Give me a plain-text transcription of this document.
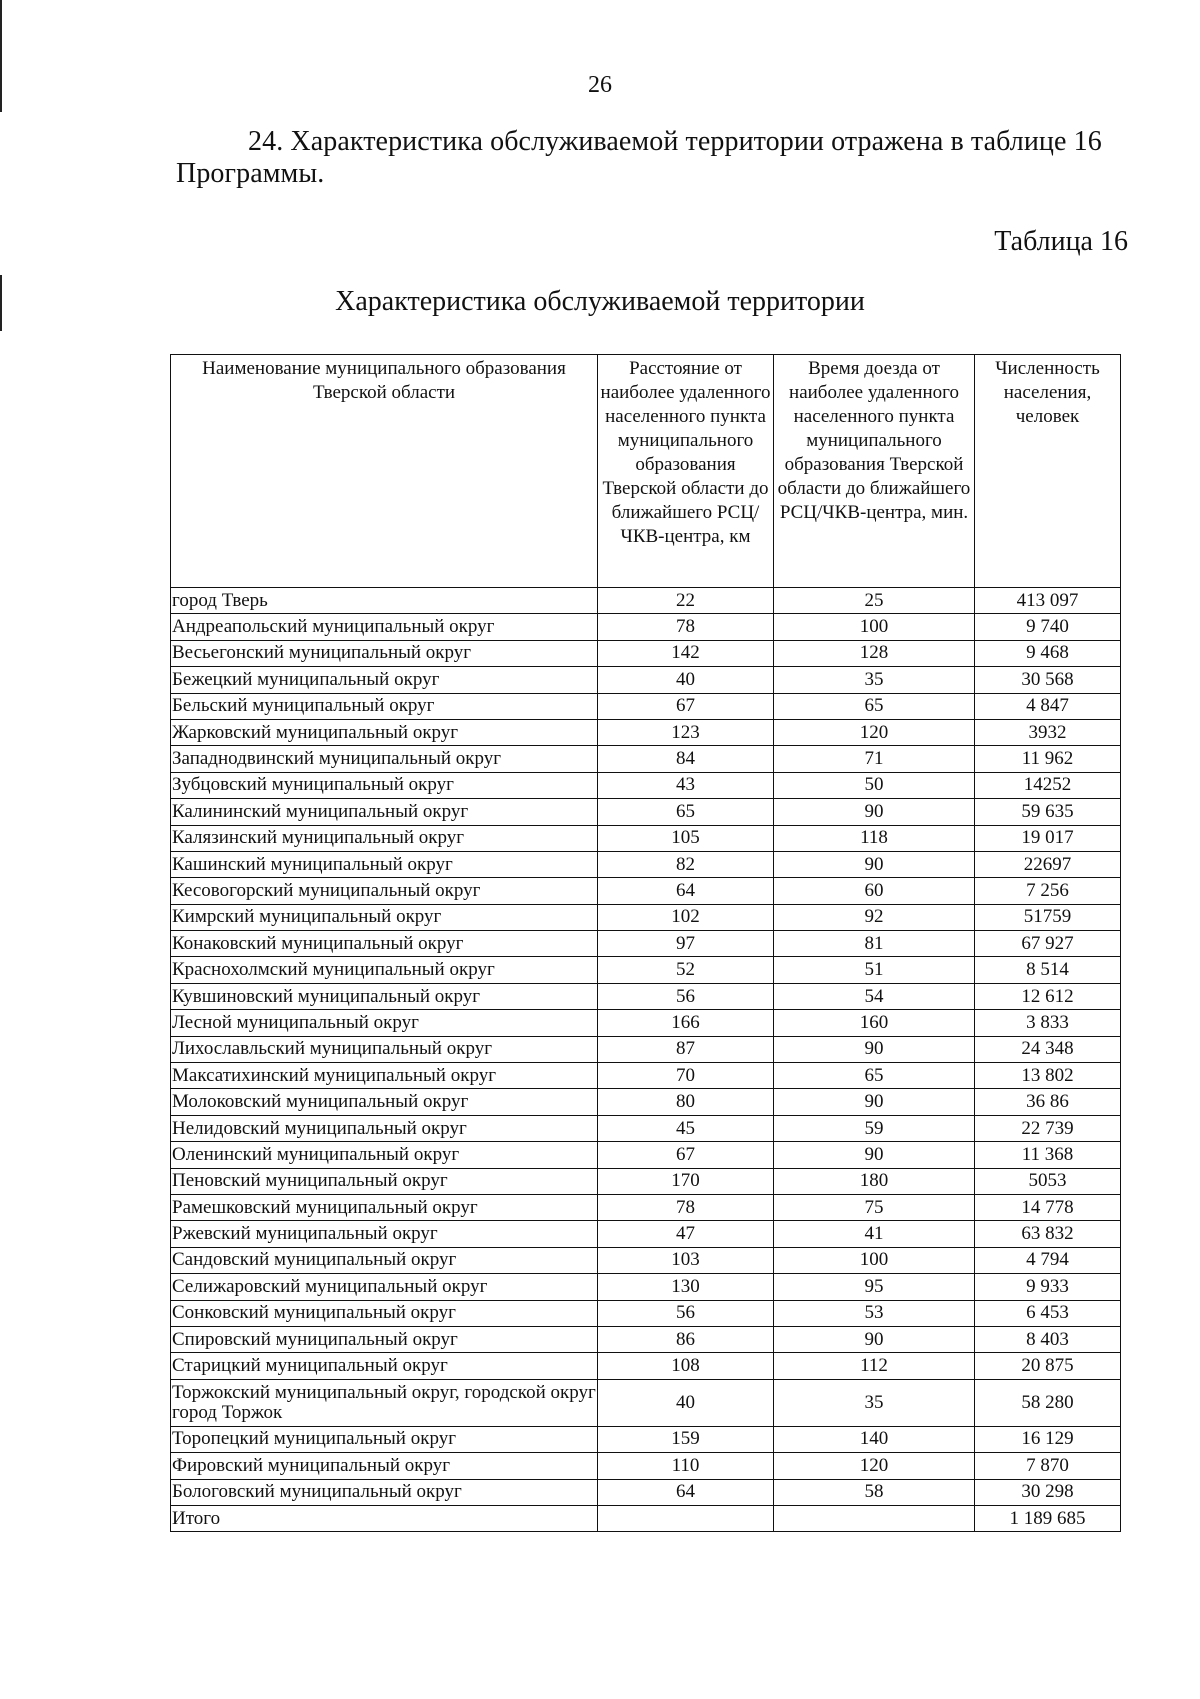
26
24. Характеристика обслуживаемой территории отражена в таблице 16 Программы.
Таблица 16
Характеристика обслуживаемой территории
Наименование муниципального образования Тверской области	Расстояние от наиболее удаленного населенного пункта муниципального образования Тверской области до ближайшего РСЦ/ЧКВ-центра, км	Время доезда от наиболее удаленного населенного пункта муниципального образования Тверской области до ближайшего РСЦ/ЧКВ-центра, мин.	Численность населения, человек
город Тверь	22	25	413 097
Андреапольский муниципальный округ	78	100	9 740
Весьегонский муниципальный округ	142	128	9 468
Бежецкий муниципальный округ	40	35	30 568
Бельский муниципальный округ	67	65	4 847
Жарковский муниципальный округ	123	120	3932
Западнодвинский муниципальный округ	84	71	11 962
Зубцовский муниципальный округ	43	50	14252
Калининский муниципальный округ	65	90	59 635
Калязинский муниципальный округ	105	118	19 017
Кашинский муниципальный округ	82	90	22697
Кесовогорский муниципальный округ	64	60	7 256
Кимрский муниципальный округ	102	92	51759
Конаковский муниципальный округ	97	81	67 927
Краснохолмский муниципальный округ	52	51	8 514
Кувшиновский муниципальный округ	56	54	12 612
Лесной муниципальный округ	166	160	3 833
Лихославльский муниципальный округ	87	90	24 348
Максатихинский муниципальный округ	70	65	13 802
Молоковский муниципальный округ	80	90	36 86
Нелидовский муниципальный округ	45	59	22 739
Оленинский муниципальный округ	67	90	11 368
Пеновский муниципальный округ	170	180	5053
Рамешковский муниципальный округ	78	75	14 778
Ржевский муниципальный округ	47	41	63 832
Сандовский муниципальный округ	103	100	4 794
Селижаровский муниципальный округ	130	95	9 933
Сонковский муниципальный округ	56	53	6 453
Спировский муниципальный округ	86	90	8 403
Старицкий муниципальный округ	108	112	20 875
Торжокский муниципальный округ, городской округ город Торжок	40	35	58 280
Торопецкий муниципальный округ	159	140	16 129
Фировский муниципальный округ	110	120	7 870
Бологовский муниципальный округ	64	58	30 298
Итого			1 189 685
